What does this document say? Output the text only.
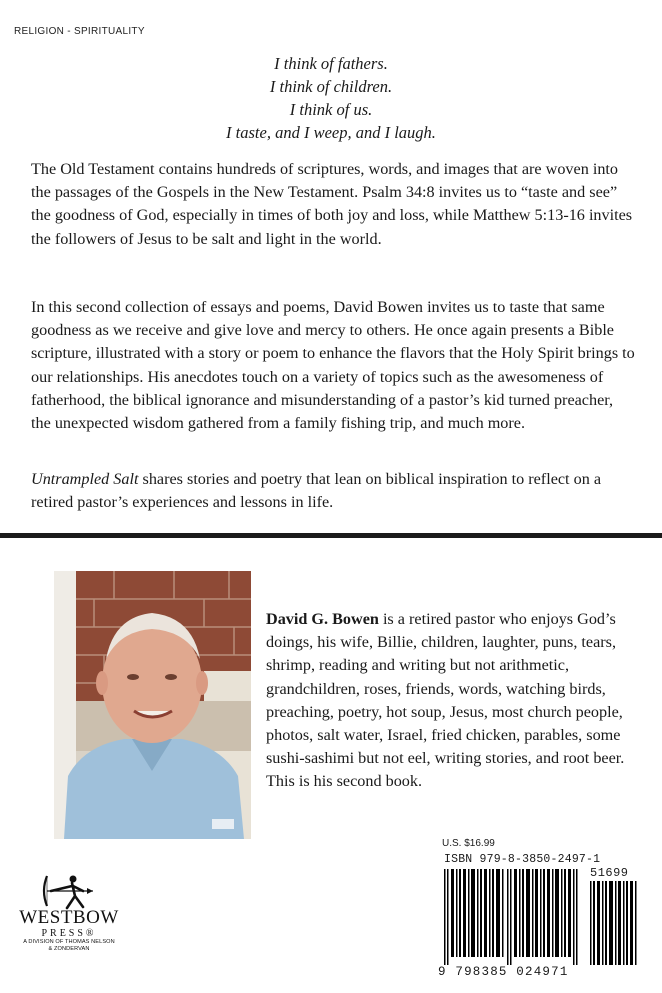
RELIGION - SPIRITUALITY
I think of fathers.
I think of children.
I think of us.
I taste, and I weep, and I laugh.

The Old Testament contains hundreds of scriptures, words, and images that are woven into the passages of the Gospels in the New Testament. Psalm 34:8 invites us to “taste and see” the goodness of God, especially in times of both joy and loss, while Matthew 5:13-16 invites the followers of Jesus to be salt and light in the world.

In this second collection of essays and poems, David Bowen invites us to taste that same goodness as we receive and give love and mercy to others. He once again presents a Bible scripture, illustrated with a story or poem to enhance the flavors that the Holy Spirit brings to our relationships. His anecdotes touch on a variety of topics such as the awesomeness of fatherhood, the biblical ignorance and misunderstanding of a pastor’s kid turned preacher, the unexpected wisdom gathered from a family fishing trip, and much more.

Untrampled Salt shares stories and poetry that lean on biblical inspiration to reflect on a retired pastor’s experiences and lessons in life.

David G. Bowen is a retired pastor who enjoys God’s doings, his wife, Billie, children, laughter, puns, tears, shrimp, reading and writing but not arithmetic, grandchildren, roses, friends, words, watching birds, preaching, poetry, hot soup, Jesus, most church people, photos, salt water, Israel, fried chicken, parables, some sushi-sashimi but not eel, writing stories, and root beer. This is his second book.

U.S. $16.99
ISBN 979-8-3850-2497-1
51699
9 798385 024971
WESTBOW
PRESS®
A DIVISION OF THOMAS NELSON
& ZONDERVAN
